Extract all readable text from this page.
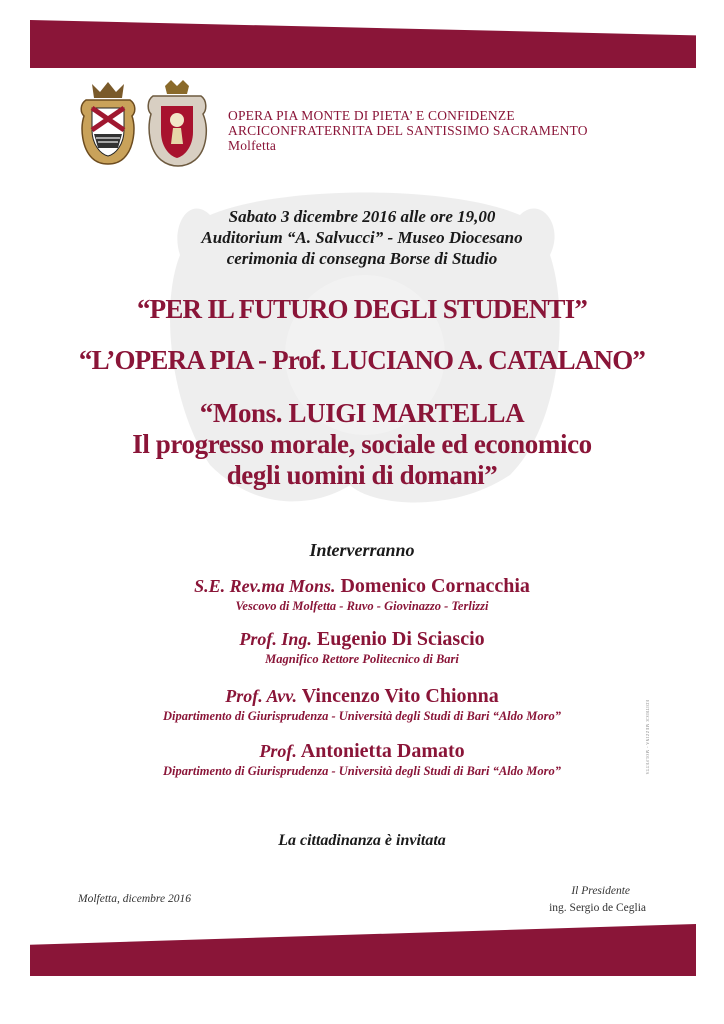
OPERA PIA MONTE DI PIETA’ E CONFIDENZE
ARCICONFRATERNITA DEL SANTISSIMO SACRAMENTO
Molfetta
Sabato 3 dicembre 2016 alle ore 19,00
Auditorium “A. Salvucci” - Museo Diocesano
cerimonia di consegna Borse di Studio
“PER IL FUTURO DEGLI STUDENTI”
“L’OPERA PIA - Prof. LUCIANO A. CATALANO”
“Mons. LUIGI MARTELLA
Il progresso morale, sociale ed economico
degli uomini di domani”
Interverranno
S.E. Rev.ma Mons. Domenico Cornacchia
Vescovo di Molfetta - Ruvo - Giovinazzo - Terlizzi
Prof. Ing. Eugenio Di Sciascio
Magnifico Rettore Politecnico di Bari
Prof. Avv. Vincenzo Vito Chionna
Dipartimento di Giurisprudenza - Università degli Studi di Bari “Aldo Moro”
Prof. Antonietta Damato
Dipartimento di Giurisprudenza - Università degli Studi di Bari “Aldo Moro”
La cittadinanza è invitata
Molfetta, dicembre 2016
Il Presidente
ing. Sergio de Ceglia
EDITRICE MEZZINA - MOLFETTA
